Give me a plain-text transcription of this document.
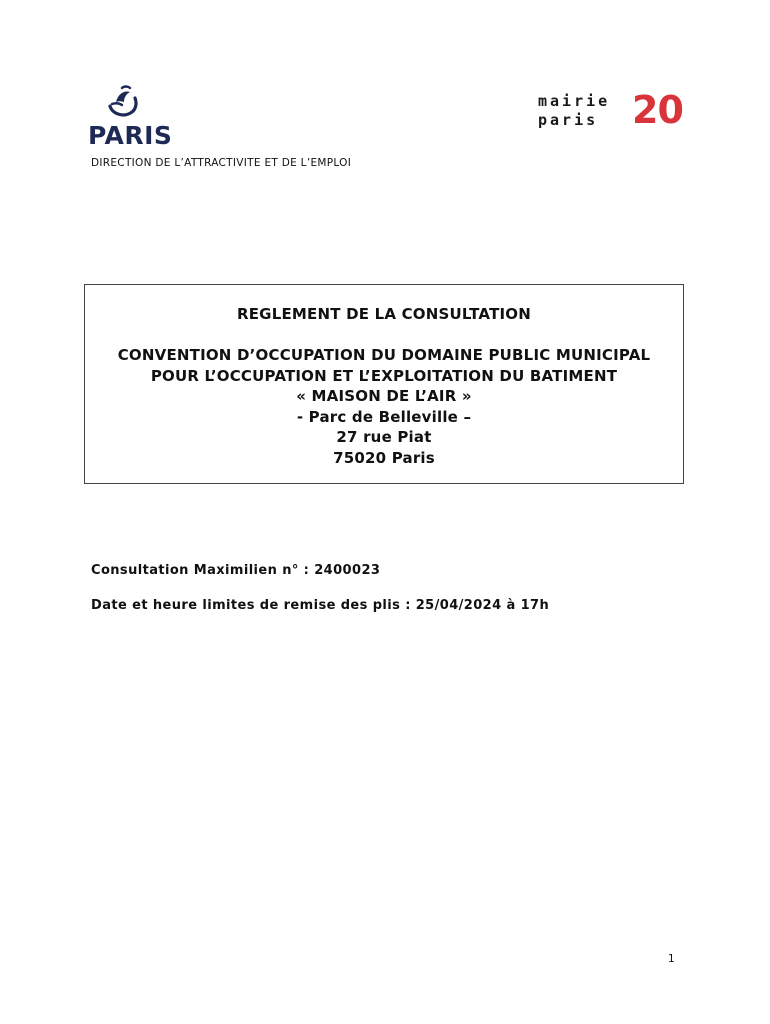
PARIS
DIRECTION DE L’ATTRACTIVITE ET DE L’EMPLOI
mairie
paris 20
REGLEMENT DE LA CONSULTATION
CONVENTION D’OCCUPATION DU DOMAINE PUBLIC MUNICIPAL
POUR L’OCCUPATION ET L’EXPLOITATION DU BATIMENT
« MAISON DE L’AIR »
- Parc de Belleville –
27 rue Piat
75020 Paris
Consultation Maximilien n° : 2400023
Date et heure limites de remise des plis : 25/04/2024 à 17h
1
